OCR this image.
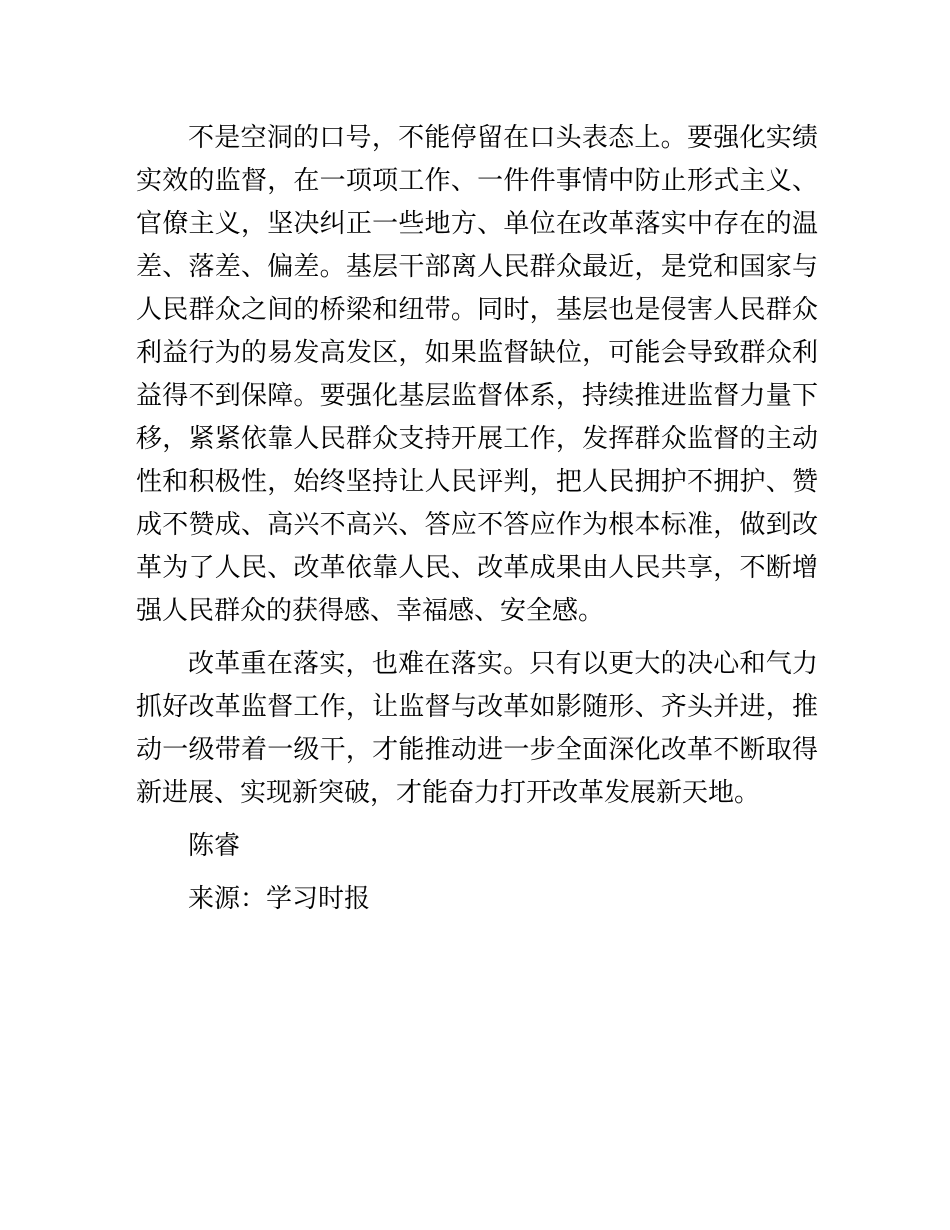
不是空洞的口号，不能停留在口头表态上。要强化实绩实效的监督，在一项项工作、一件件事情中防止形式主义、官僚主义，坚决纠正一些地方、单位在改革落实中存在的温差、落差、偏差。基层干部离人民群众最近，是党和国家与人民群众之间的桥梁和纽带。同时，基层也是侵害人民群众利益行为的易发高发区，如果监督缺位，可能会导致群众利益得不到保障。要强化基层监督体系，持续推进监督力量下移，紧紧依靠人民群众支持开展工作，发挥群众监督的主动性和积极性，始终坚持让人民评判，把人民拥护不拥护、赞成不赞成、高兴不高兴、答应不答应作为根本标准，做到改革为了人民、改革依靠人民、改革成果由人民共享，不断增强人民群众的获得感、幸福感、安全感。

改革重在落实，也难在落实。只有以更大的决心和气力抓好改革监督工作，让监督与改革如影随形、齐头并进，推动一级带着一级干，才能推动进一步全面深化改革不断取得新进展、实现新突破，才能奋力打开改革发展新天地。

陈睿

来源：学习时报
